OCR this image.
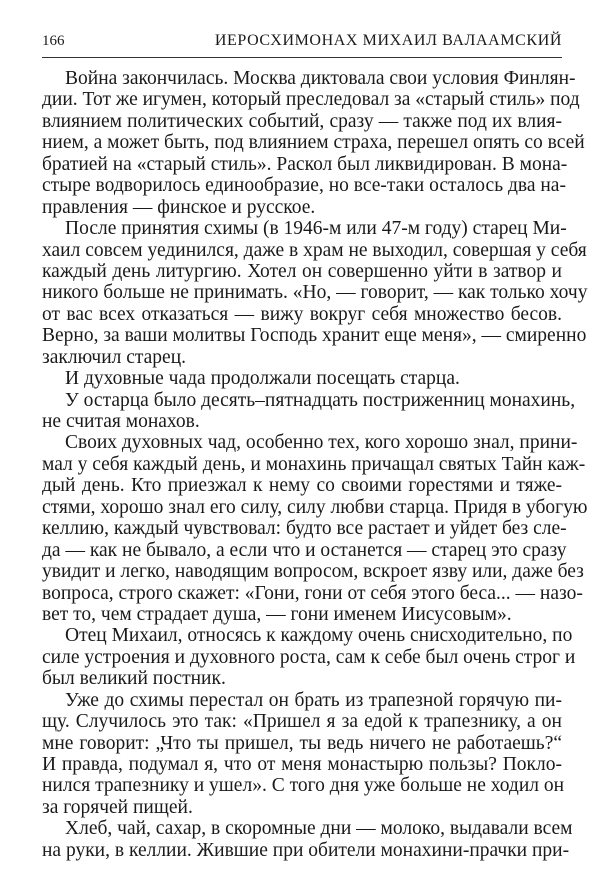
166	ИЕРОСХИМОНАХ МИХАИЛ ВАЛААМСКИЙ
Война закончилась. Москва диктовала свои условия Финлян-
дии. Тот же игумен, который преследовал за «старый стиль» под
влиянием политических событий, сразу — также под их влия-
нием, а может быть, под влиянием страха, перешел опять со всей
братией на «старый стиль». Раскол был ликвидирован. В мона-
стыре водворилось единообразие, но все-таки осталось два на-
правления — финское и русское.
После принятия схимы (в 1946-м или 47-м году) старец Ми-
хаил совсем уединился, даже в храм не выходил, совершая у себя
каждый день литургию. Хотел он совершенно уйти в затвор и
никого больше не принимать. «Но, — говорит, — как только хочу
от вас всех отказаться — вижу вокруг себя множество бесов.
Верно, за ваши молитвы Господь хранит еще меня», — смиренно
заключил старец.
И духовные чада продолжали посещать старца.
У остарца было десять–пятнадцать постриженниц монахинь,
не считая монахов.
Своих духовных чад, особенно тех, кого хорошо знал, прини-
мал у себя каждый день, и монахинь причащал святых Тайн каж-
дый день. Кто приезжал к нему со своими горестями и тяже-
стями, хорошо знал его силу, силу любви старца. Придя в убогую
келлию, каждый чувствовал: будто все растает и уйдет без сле-
да — как не бывало, а если что и останется — старец это сразу
увидит и легко, наводящим вопросом, вскроет язву или, даже без
вопроса, строго скажет: «Гони, гони от себя этого беса... — назо-
вет то, чем страдает душа, — гони именем Иисусовым».
Отец Михаил, относясь к каждому очень снисходительно, по
силе устроения и духовного роста, сам к себе был очень строг и
был великий постник.
Уже до схимы перестал он брать из трапезной горячую пи-
щу. Случилось это так: «Пришел я за едой к трапезнику, а он
мне говорит: „Что ты пришел, ты ведь ничего не работаешь?“
И правда, подумал я, что от меня монастырю пользы? Покло-
нился трапезнику и ушел». С того дня уже больше не ходил он
за горячей пищей.
Хлеб, чай, сахар, в скоромные дни — молоко, выдавали всем
на руки, в келлии. Жившие при обители монахини-прачки при-
